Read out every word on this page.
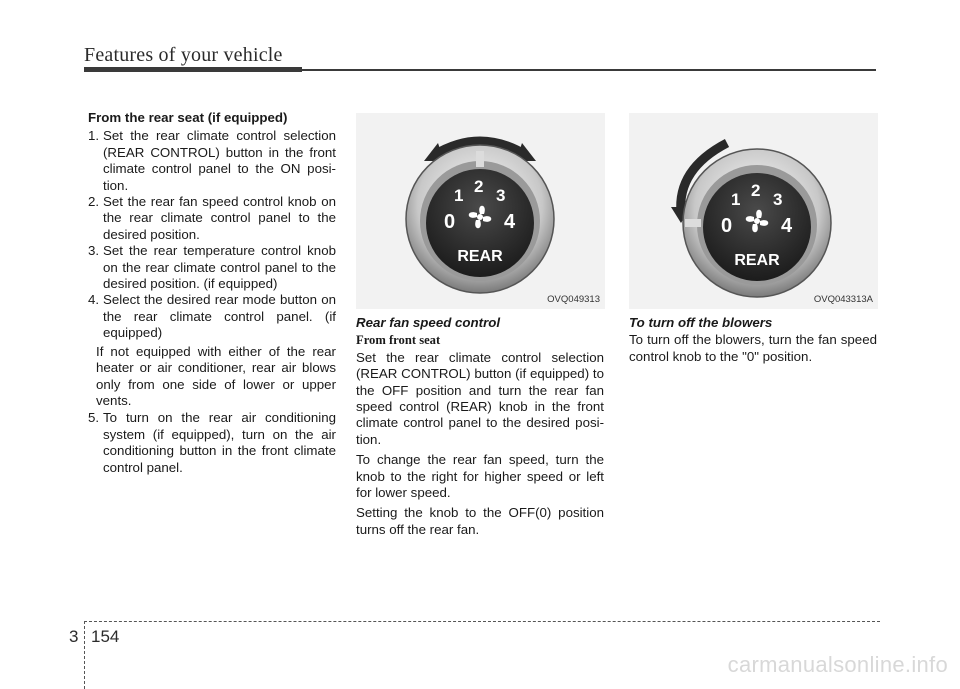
Features of your vehicle
From the rear seat (if equipped)
1. Set the rear climate control selection (REAR CONTROL) button in the front climate control panel to the ON posi-tion.
2. Set the rear fan speed control knob on the rear climate control panel to the desired position.
3. Set the rear temperature control knob on the rear climate control panel to the desired position. (if equipped)
4. Select the desired rear mode button on the rear climate control panel. (if equipped)
If not equipped with either of the rear heater or air conditioner, rear air blows only from one side of lower or upper vents.
5. To turn on the rear air conditioning system (if equipped), turn on the air conditioning button in the front climate control panel.
0
1 2 3
4
REAR
OVQ049313
0
1 2 3
4
REAR
OVQ043313A
Rear fan speed control
From front seat
Set the rear climate control selection (REAR CONTROL) button (if equipped) to the OFF position and turn the rear fan speed control (REAR) knob in the front climate control panel to the desired posi-tion.
To change the rear fan speed, turn the knob to the right for higher speed or left for lower speed.
Setting the knob to the OFF(0) position turns off the rear fan.
To turn off the blowers
To turn off the blowers, turn the fan speed control knob to the "0" position.
3 154
carmanualsonline.info
